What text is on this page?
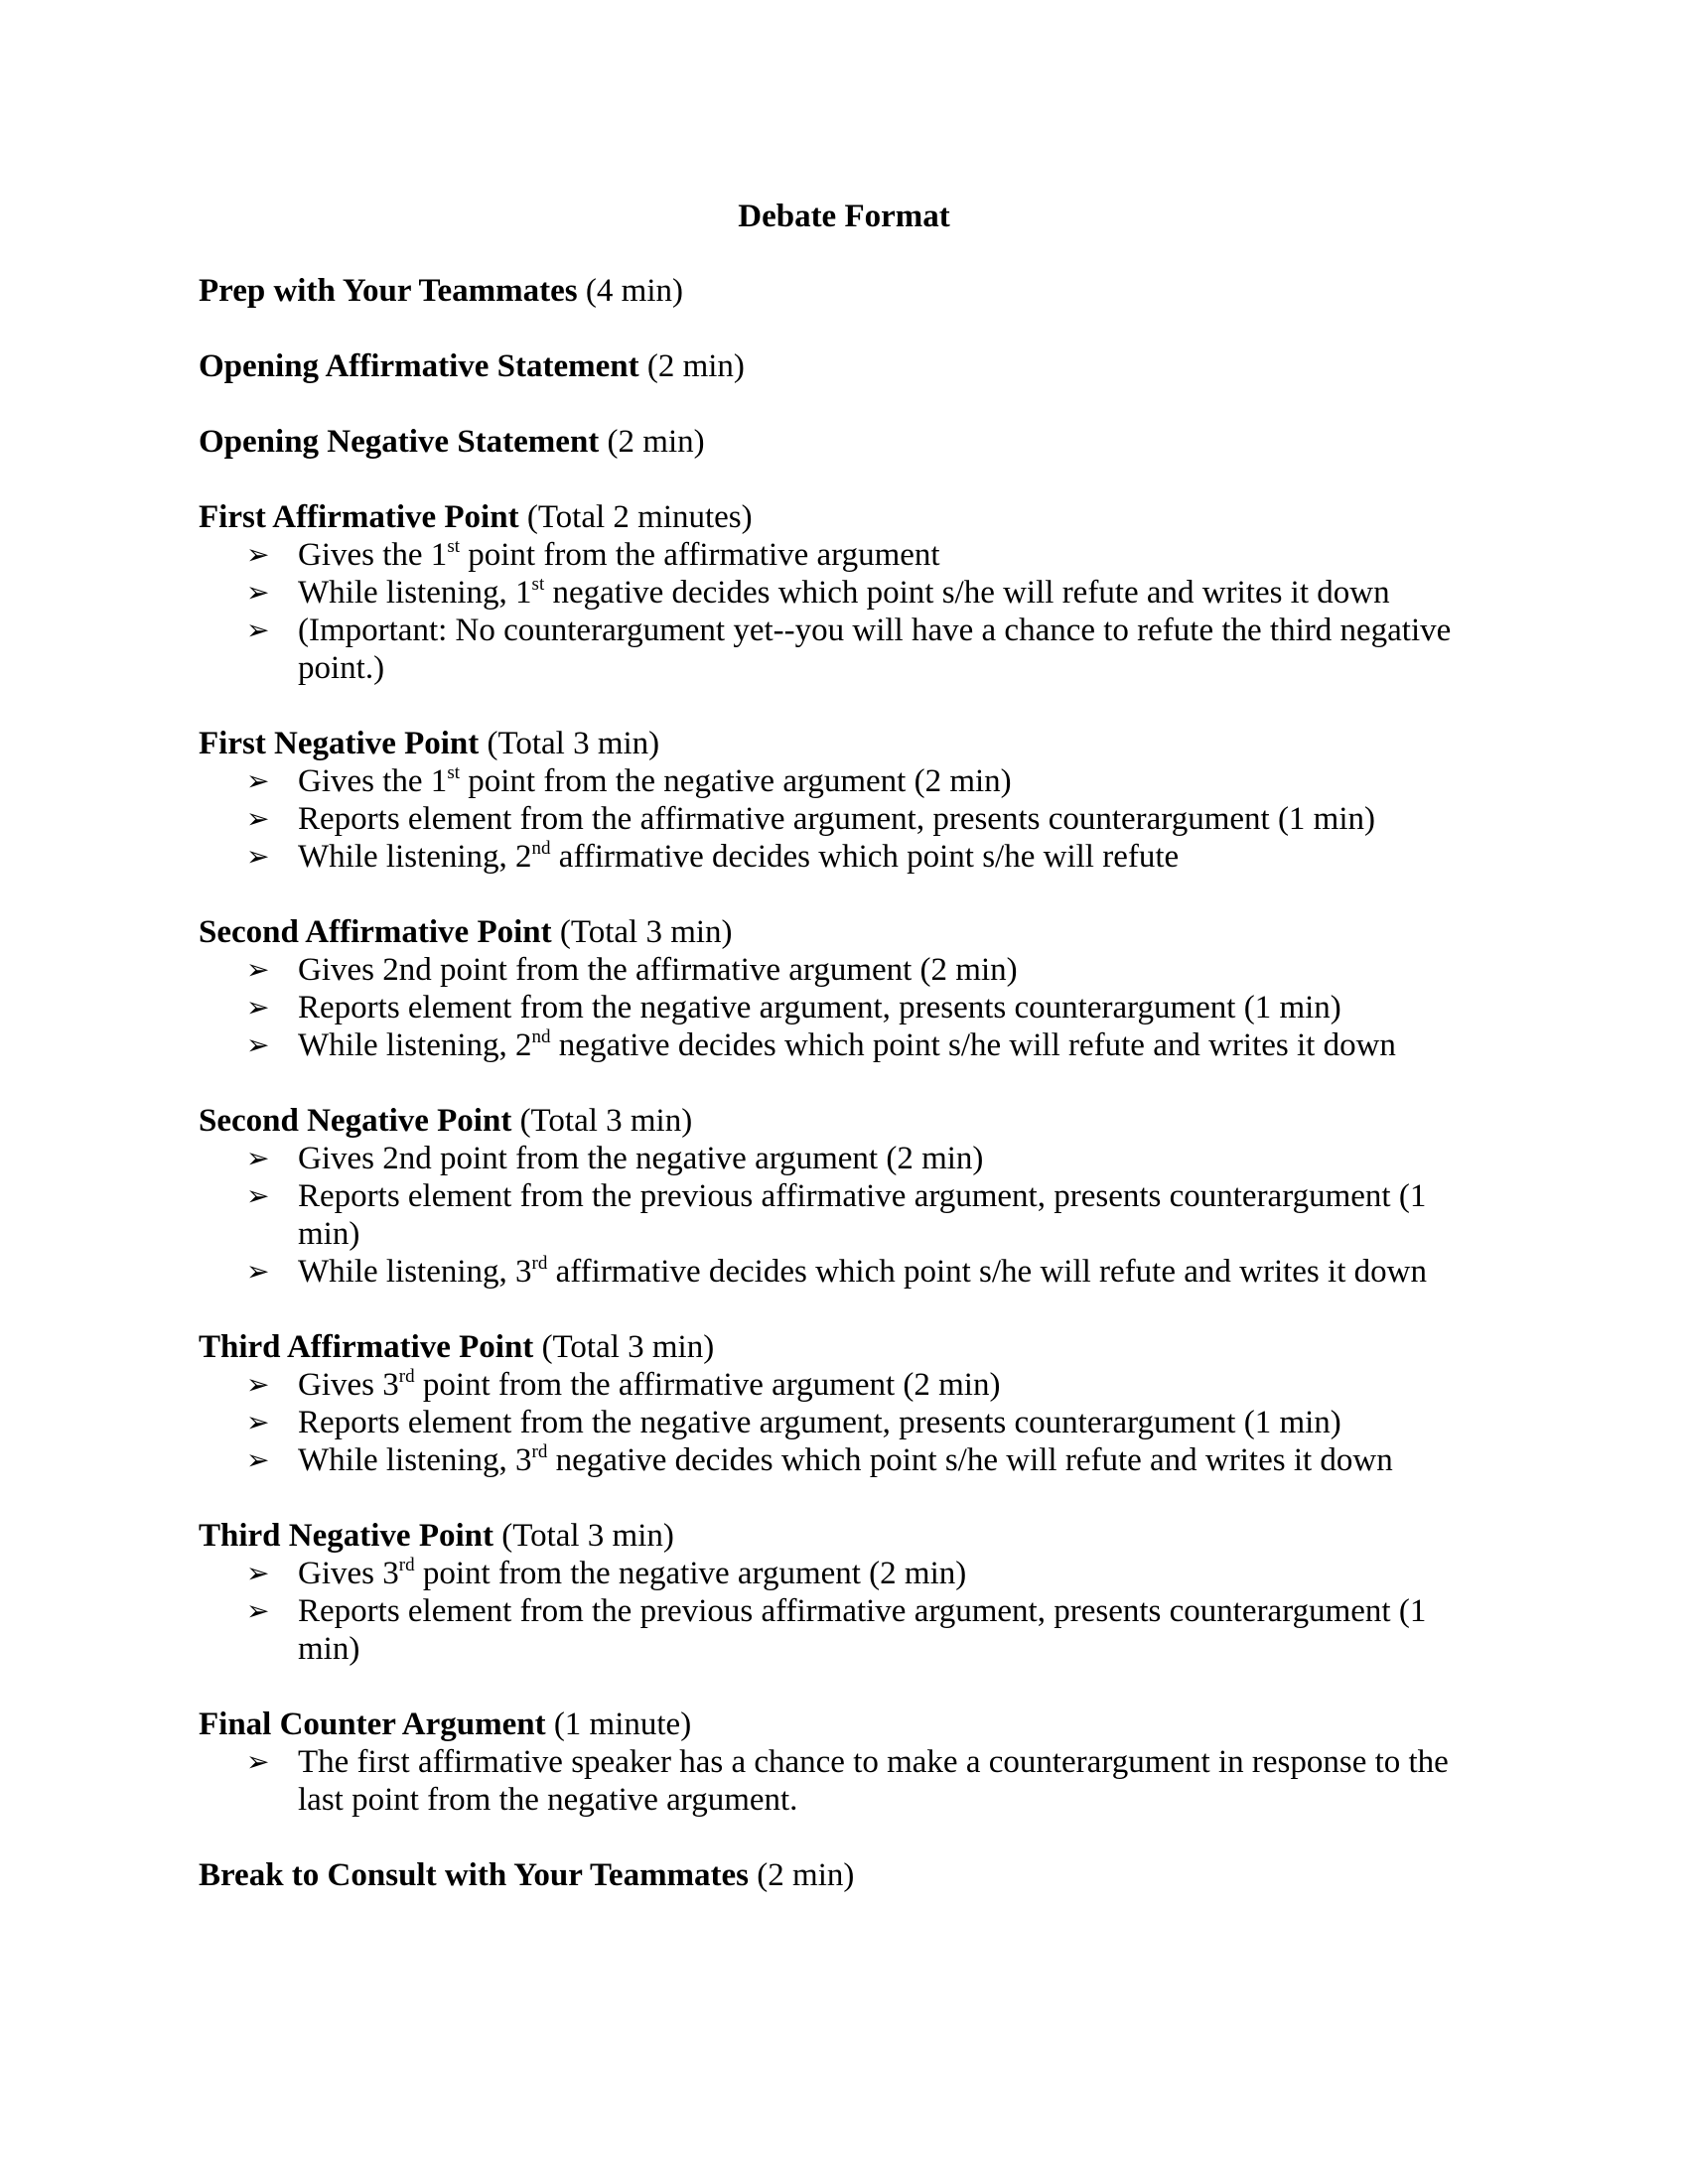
Debate Format
Prep with Your Teammates (4 min)
Opening Affirmative Statement (2 min)
Opening Negative Statement (2 min)
First Affirmative Point (Total 2 minutes)
➢ Gives the 1st point from the affirmative argument
➢ While listening, 1st negative decides which point s/he will refute and writes it down
➢ (Important: No counterargument yet--you will have a chance to refute the third negative point.)
First Negative Point (Total 3 min)
➢ Gives the 1st point from the negative argument (2 min)
➢ Reports element from the affirmative argument, presents counterargument (1 min)
➢ While listening, 2nd affirmative decides which point s/he will refute
Second Affirmative Point (Total 3 min)
➢ Gives 2nd point from the affirmative argument (2 min)
➢ Reports element from the negative argument, presents counterargument (1 min)
➢ While listening, 2nd negative decides which point s/he will refute and writes it down
Second Negative Point (Total 3 min)
➢ Gives 2nd point from the negative argument (2 min)
➢ Reports element from the previous affirmative argument, presents counterargument (1 min)
➢ While listening, 3rd affirmative decides which point s/he will refute and writes it down
Third Affirmative Point (Total 3 min)
➢ Gives 3rd point from the affirmative argument (2 min)
➢ Reports element from the negative argument, presents counterargument (1 min)
➢ While listening, 3rd negative decides which point s/he will refute and writes it down
Third Negative Point (Total 3 min)
➢ Gives 3rd point from the negative argument (2 min)
➢ Reports element from the previous affirmative argument, presents counterargument (1 min)
Final Counter Argument (1 minute)
➢ The first affirmative speaker has a chance to make a counterargument in response to the last point from the negative argument.
Break to Consult with Your Teammates (2 min)
